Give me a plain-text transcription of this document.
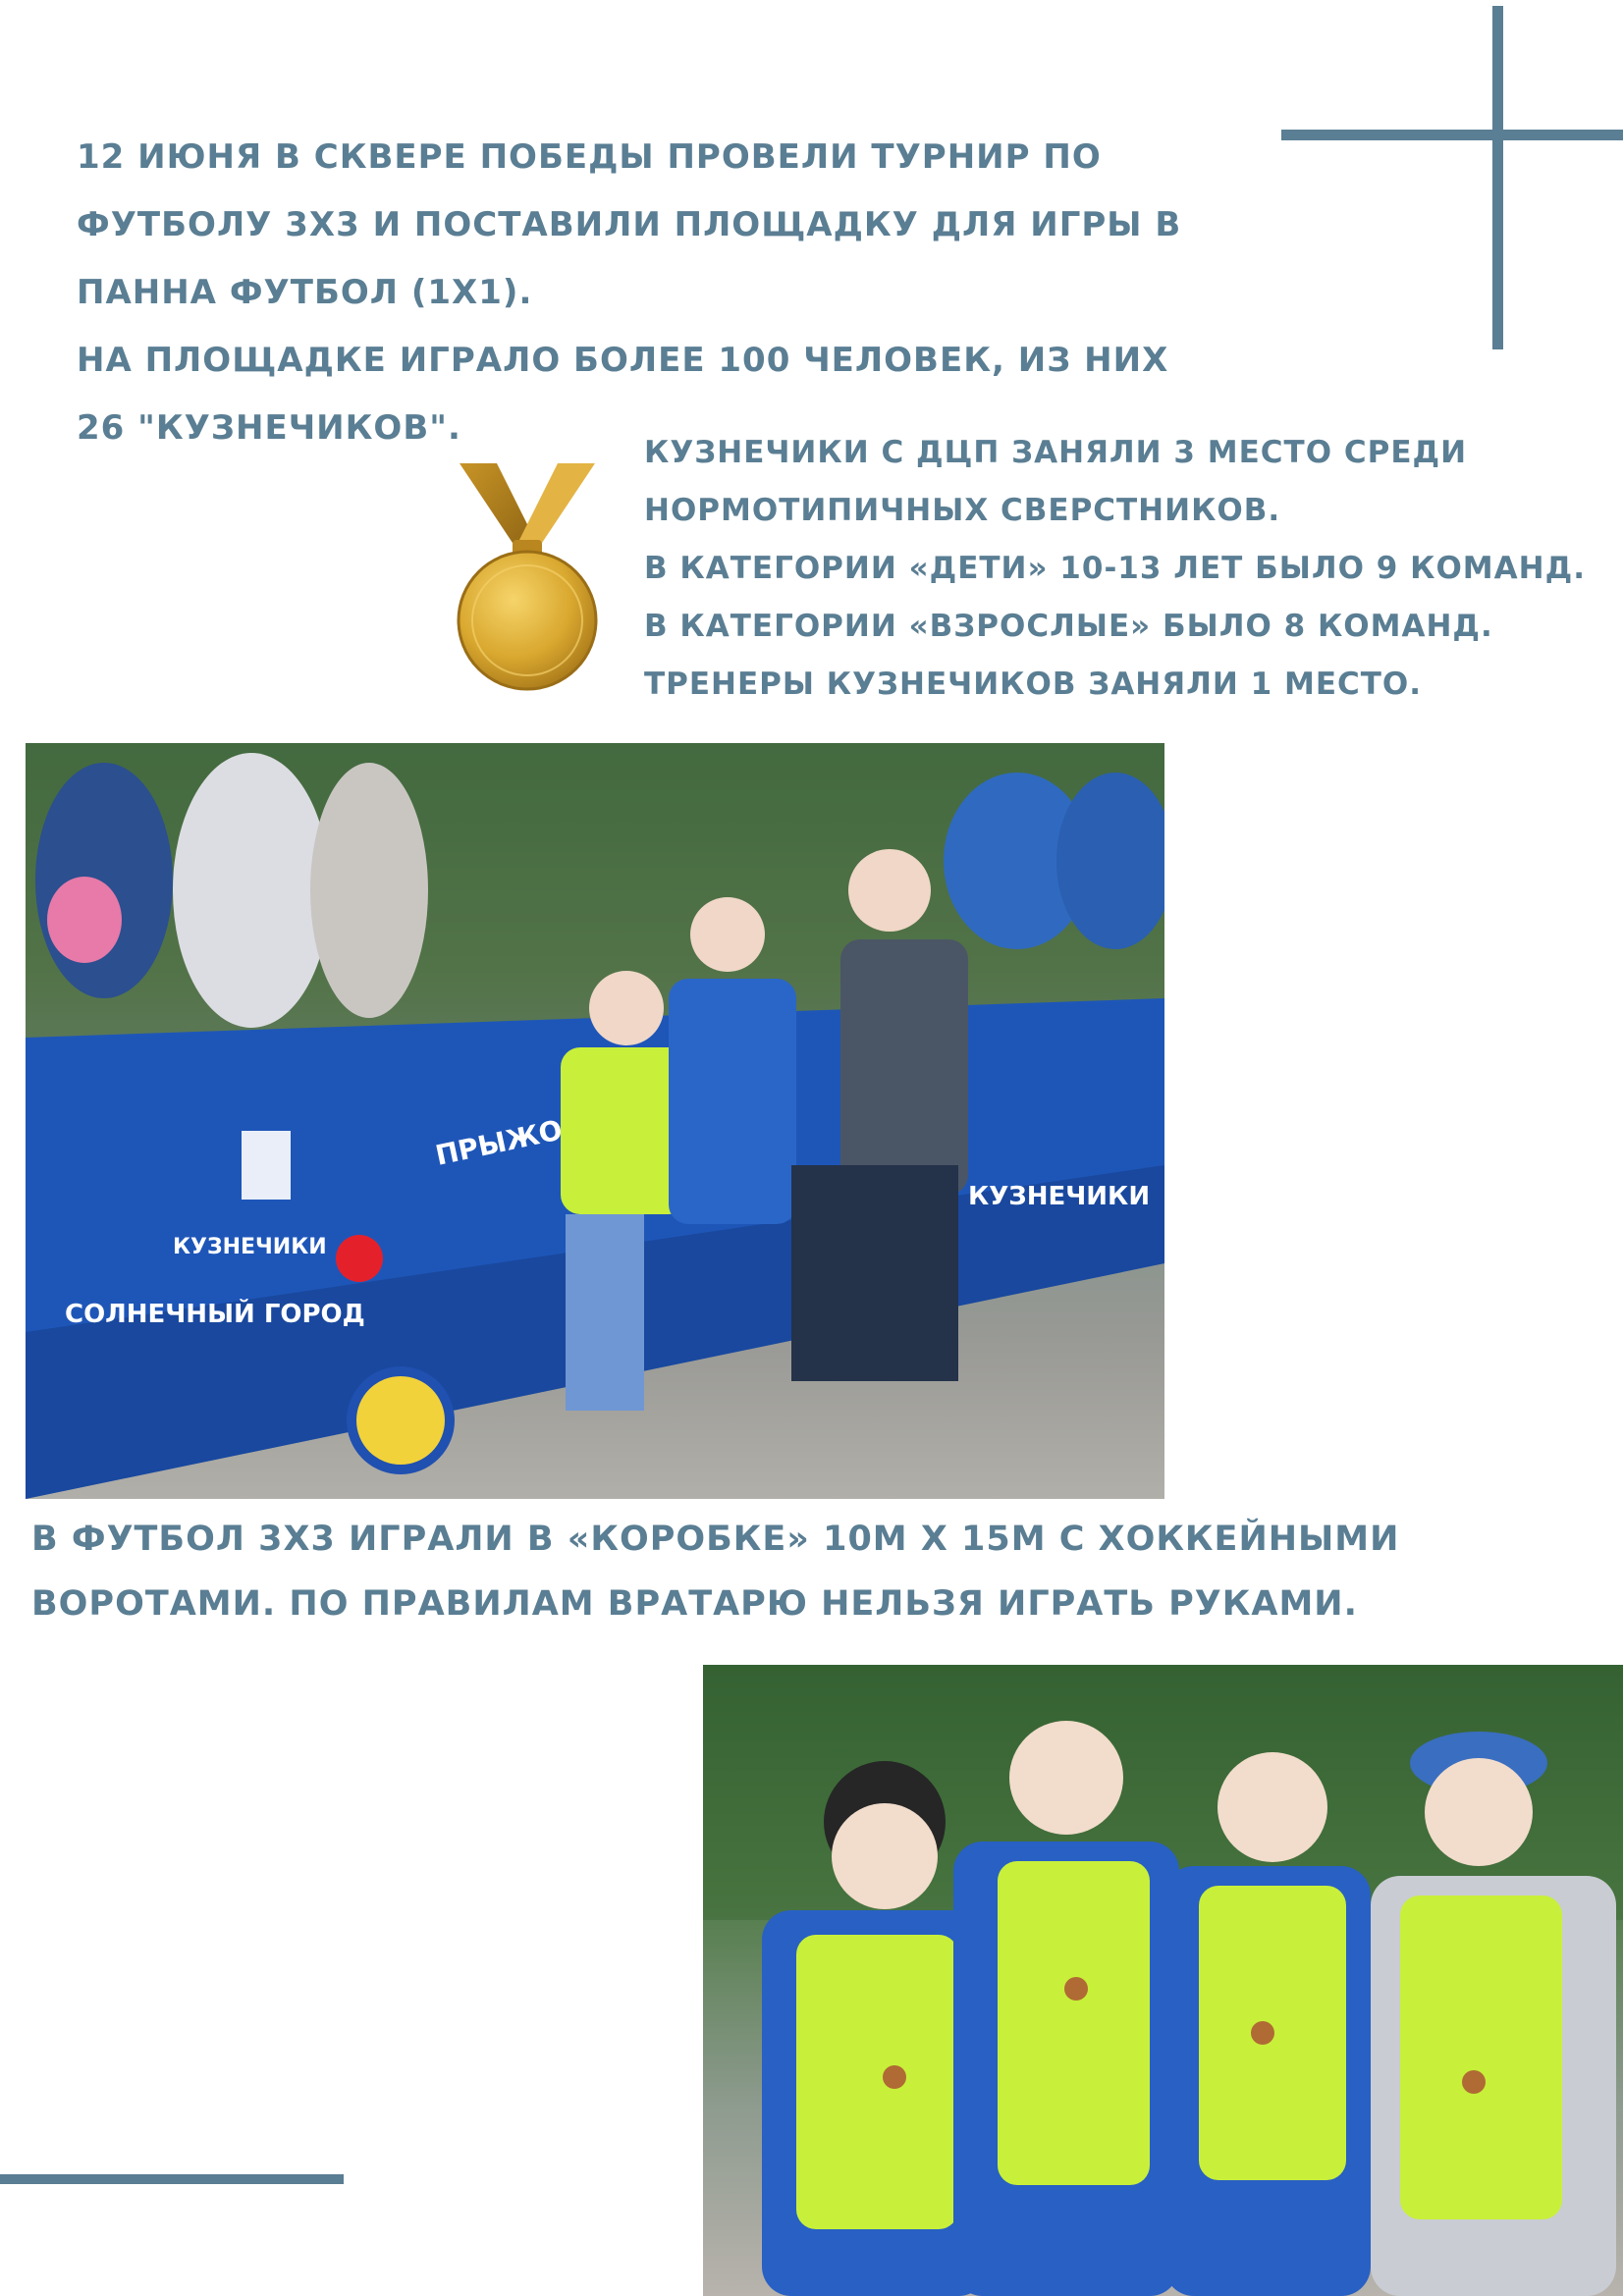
12 ИЮНЯ В СКВЕРЕ ПОБЕДЫ ПРОВЕЛИ ТУРНИР ПО
ФУТБОЛУ 3Х3 И ПОСТАВИЛИ ПЛОЩАДКУ ДЛЯ ИГРЫ В
ПАННА ФУТБОЛ (1Х1).
НА ПЛОЩАДКЕ ИГРАЛО БОЛЕЕ 100 ЧЕЛОВЕК, ИЗ НИХ
26 "КУЗНЕЧИКОВ".
КУЗНЕЧИКИ С ДЦП ЗАНЯЛИ 3 МЕСТО СРЕДИ
НОРМОТИПИЧНЫХ СВЕРСТНИКОВ.
В КАТЕГОРИИ «ДЕТИ» 10-13 ЛЕТ БЫЛО 9 КОМАНД.
В КАТЕГОРИИ «ВЗРОСЛЫЕ» БЫЛО 8 КОМАНД.
ТРЕНЕРЫ КУЗНЕЧИКОВ ЗАНЯЛИ 1 МЕСТО.
СОЛНЕЧНЫЙ ГОРОД
КУЗНЕЧИКИ
ПРЫЖОК
КУЗНЕЧИКИ
В ФУТБОЛ 3Х3 ИГРАЛИ В «КОРОБКЕ» 10М Х 15М С ХОККЕЙНЫМИ
ВОРОТАМИ. ПО ПРАВИЛАМ ВРАТАРЮ НЕЛЬЗЯ ИГРАТЬ РУКАМИ.
